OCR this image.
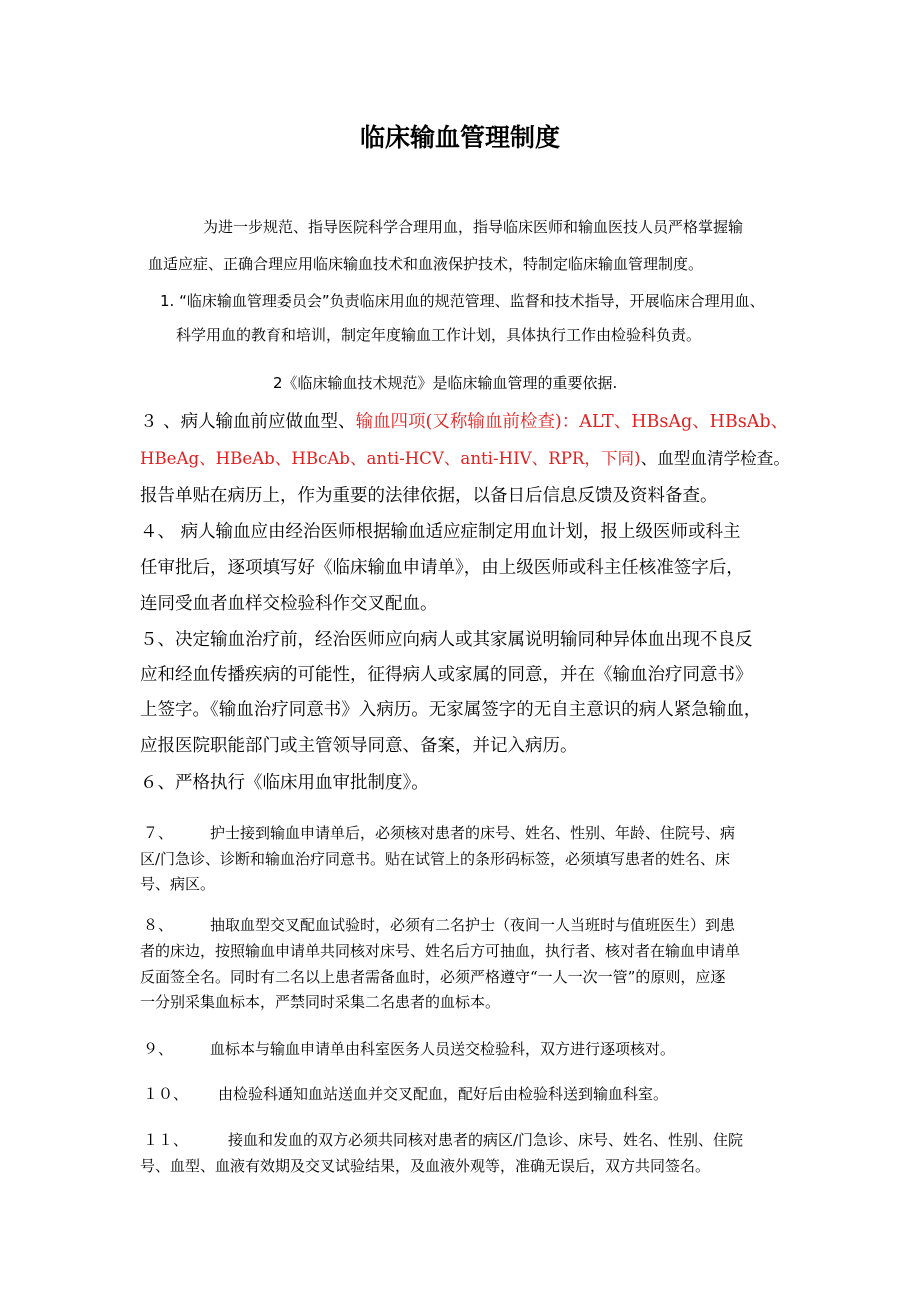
临床输血管理制度
为进一步规范、指导医院科学合理用血，指导临床医师和输血医技人员严格掌握输
血适应症、正确合理应用临床输血技术和血液保护技术，特制定临床输血管理制度。
1. “临床输血管理委员会”负责临床用血的规范管理、监督和技术指导，开展临床合理用血、
科学用血的教育和培训，制定年度输血工作计划，具体执行工作由检验科负责。
2《临床输血技术规范》是临床输血管理的重要依据.
３ 、病人输血前应做血型、输血四项(又称输血前检查)：ALT、HBsAg、HBsAb、
HBeAg、HBeAb、HBcAb、anti-HCV、anti-HIV、RPR，下同)、血型血清学检查。
报告单贴在病历上，作为重要的法律依据，以备日后信息反馈及资料备查。
４、 病人输血应由经治医师根据输血适应症制定用血计划，报上级医师或科主
任审批后，逐项填写好《临床输血申请单》，由上级医师或科主任核准签字后，
连同受血者血样交检验科作交叉配血。
５、决定输血治疗前，经治医师应向病人或其家属说明输同种异体血出现不良反
应和经血传播疾病的可能性，征得病人或家属的同意，并在《输血治疗同意书》
上签字。《输血治疗同意书》入病历。无家属签字的无自主意识的病人紧急输血，
应报医院职能部门或主管领导同意、备案，并记入病历。
６、严格执行《临床用血审批制度》。
７、 护士接到输血申请单后，必须核对患者的床号、姓名、性别、年龄、住院号、病
区/门急诊、诊断和输血治疗同意书。贴在试管上的条形码标签，必须填写患者的姓名、床
号、病区。
８、 抽取血型交叉配血试验时，必须有二名护士（夜间一人当班时与值班医生）到患
者的床边，按照输血申请单共同核对床号、姓名后方可抽血，执行者、核对者在输血申请单
反面签全名。同时有二名以上患者需备血时，必须严格遵守“一人一次一管”的原则，应逐
一分别采集血标本，严禁同时采集二名患者的血标本。
９、 血标本与输血申请单由科室医务人员送交检验科，双方进行逐项核对。
１０、 由检验科通知血站送血并交叉配血，配好后由检验科送到输血科室。
１１、	接血和发血的双方必须共同核对患者的病区/门急诊、床号、姓名、性别、住院
号、血型、血液有效期及交叉试验结果，及血液外观等，准确无误后，双方共同签名。
